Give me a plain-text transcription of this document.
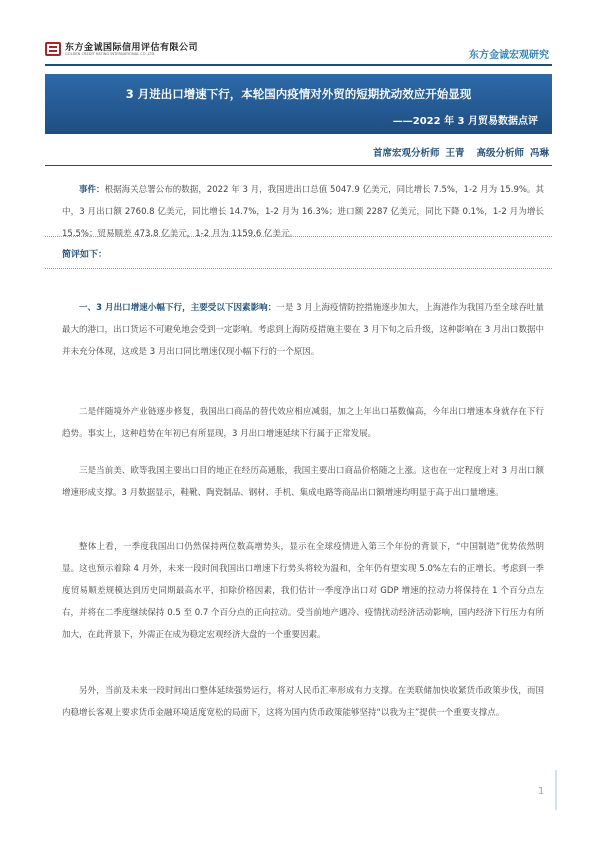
东方金诚国际信用评估有限公司
GOLDEN CREDIT RATING INTERNATIONAL CO.,LTD.	东方金诚宏观研究
3 月进出口增速下行，本轮国内疫情对外贸的短期扰动效应开始显现
——2022 年 3 月贸易数据点评
首席宏观分析师 王青 高级分析师 冯琳
事件：根据海关总署公布的数据，2022 年 3 月，我国进出口总值 5047.9 亿美元，同比增长 7.5%，1-2 月为 15.9%。其中，3 月出口额 2760.8 亿美元，同比增长 14.7%，1-2 月为 16.3%；进口额 2287 亿美元，同比下降 0.1%，1-2 月为增长 15.5%；贸易顺差 473.8 亿美元，1-2 月为 1159.6 亿美元。
简评如下：
一、3 月出口增速小幅下行，主要受以下因素影响：一是 3 月上海疫情防控措施逐步加大，上海港作为我国乃至全球吞吐量最大的港口，出口货运不可避免地会受到一定影响。考虑到上海防疫措施主要在 3 月下旬之后升级，这种影响在 3 月出口数据中并未充分体现，这或是 3 月出口同比增速仅现小幅下行的一个原因。
二是伴随境外产业链逐步修复，我国出口商品的替代效应相应减弱，加之上年出口基数偏高，今年出口增速本身就存在下行趋势。事实上，这种趋势在年初已有所显现，3 月出口增速延续下行属于正常发展。
三是当前美、欧等我国主要出口目的地正在经历高通胀，我国主要出口商品价格随之上涨。这也在一定程度上对 3 月出口额增速形成支撑。3 月数据显示，鞋靴、陶瓷制品、钢材、手机、集成电路等商品出口额增速均明显于高于出口量增速。
整体上看，一季度我国出口仍然保持两位数高增势头，显示在全球疫情进入第三个年份的背景下，“中国制造”优势依然明显。这也预示着除 4 月外，未来一段时间我国出口增速下行势头将较为温和，全年仍有望实现 5.0%左右的正增长。考虑到一季度贸易顺差规模达到历史同期最高水平，扣除价格因素，我们估计一季度净出口对 GDP 增速的拉动力将保持在 1 个百分点左右，并将在二季度继续保持 0.5 至 0.7 个百分点的正向拉动。受当前地产遇冷、疫情扰动经济活动影响，国内经济下行压力有所加大，在此背景下，外需正在成为稳定宏观经济大盘的一个重要因素。
另外，当前及未来一段时间出口整体延续强势运行，将对人民币汇率形成有力支撑。在美联储加快收紧货币政策步伐，而国内稳增长客观上要求货币金融环境适度宽松的局面下，这将为国内货币政策能够坚持“以我为主”提供一个重要支撑点。
1
